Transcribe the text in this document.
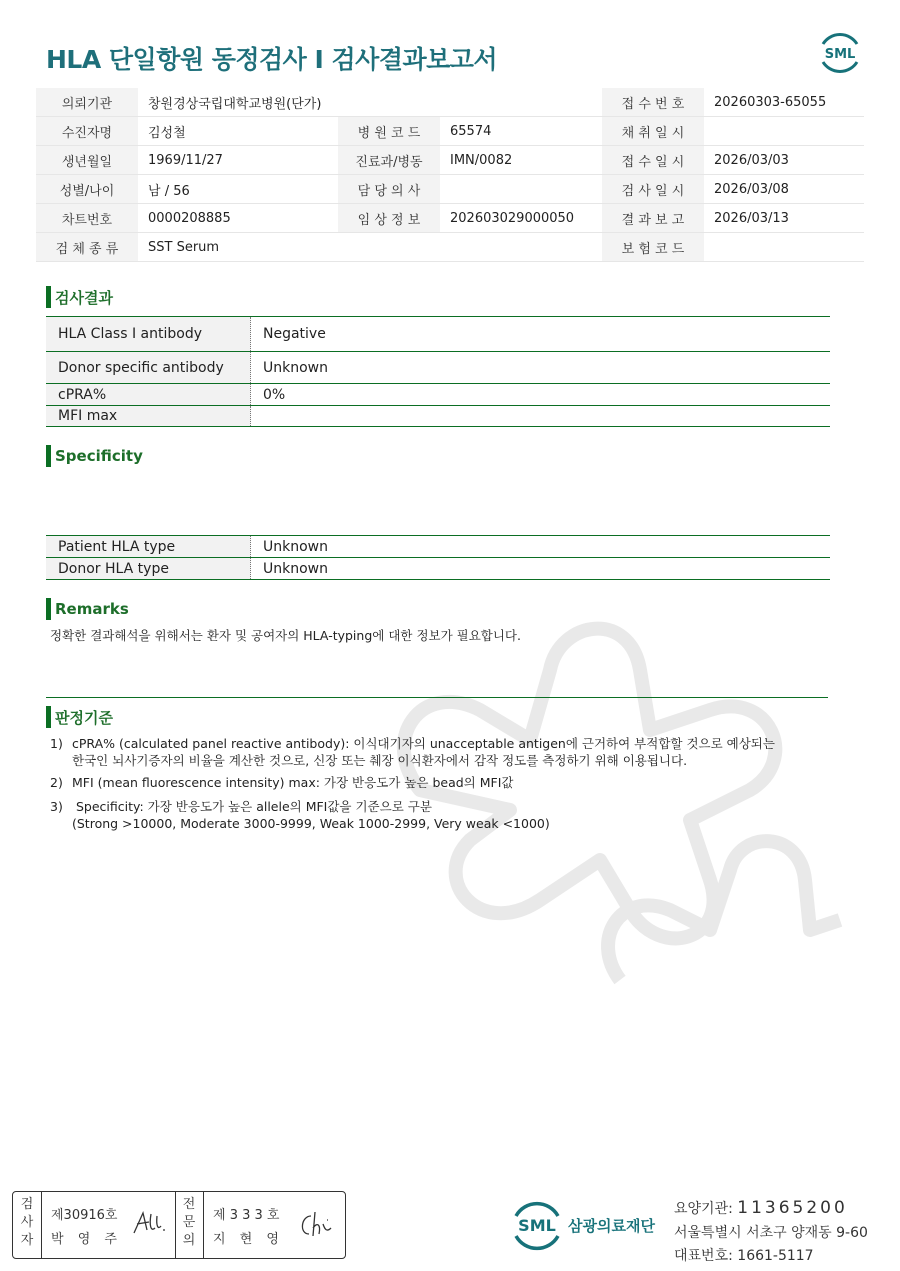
HLA 단일항원 동정검사 I 검사결과보고서	SML
의뢰기관	창원경상국립대학교병원(단가)			접 수 번 호	20260303-65055
수진자명	김성철	병 원 코 드	65574	채 취 일 시	
생년월일	1969/11/27	진료과/병동	IMN/0082	접 수 일 시	2026/03/03
성별/나이	남 / 56	담 당 의 사		검 사 일 시	2026/03/08
차트번호	0000208885	임 상 정 보	202603029000050	결 과 보 고	2026/03/13
검 체 종 류	SST Serum			보 험 코 드	
검사결과
HLA Class I antibody	Negative
Donor specific antibody	Unknown
cPRA%	0%
MFI max	
Specificity
Patient HLA type	Unknown
Donor HLA type	Unknown
Remarks
정확한 결과해석을 위해서는 환자 및 공여자의 HLA-typing에 대한 정보가 필요합니다.
판정기준
1) cPRA% (calculated panel reactive antibody): 이식대기자의 unacceptable antigen에 근거하여 부적합할 것으로 예상되는
한국인 뇌사기증자의 비율을 계산한 것으로, 신장 또는 췌장 이식환자에서 감작 정도를 측정하기 위해 이용됩니다.
2) MFI (mean fluorescence intensity) max: 가장 반응도가 높은 bead의 MFI값
3) Specificity: 가장 반응도가 높은 allele의 MFI값을 기준으로 구분
(Strong >10000, Moderate 3000-9999, Weak 1000-2999, Very weak <1000)
검사자
제30916호
박 영 주
전문의
제 3 3 3 호
지 현 영
SML 삼광의료재단
요양기관: 11365200
서울특별시 서초구 양재동 9-60
대표번호: 1661-5117
